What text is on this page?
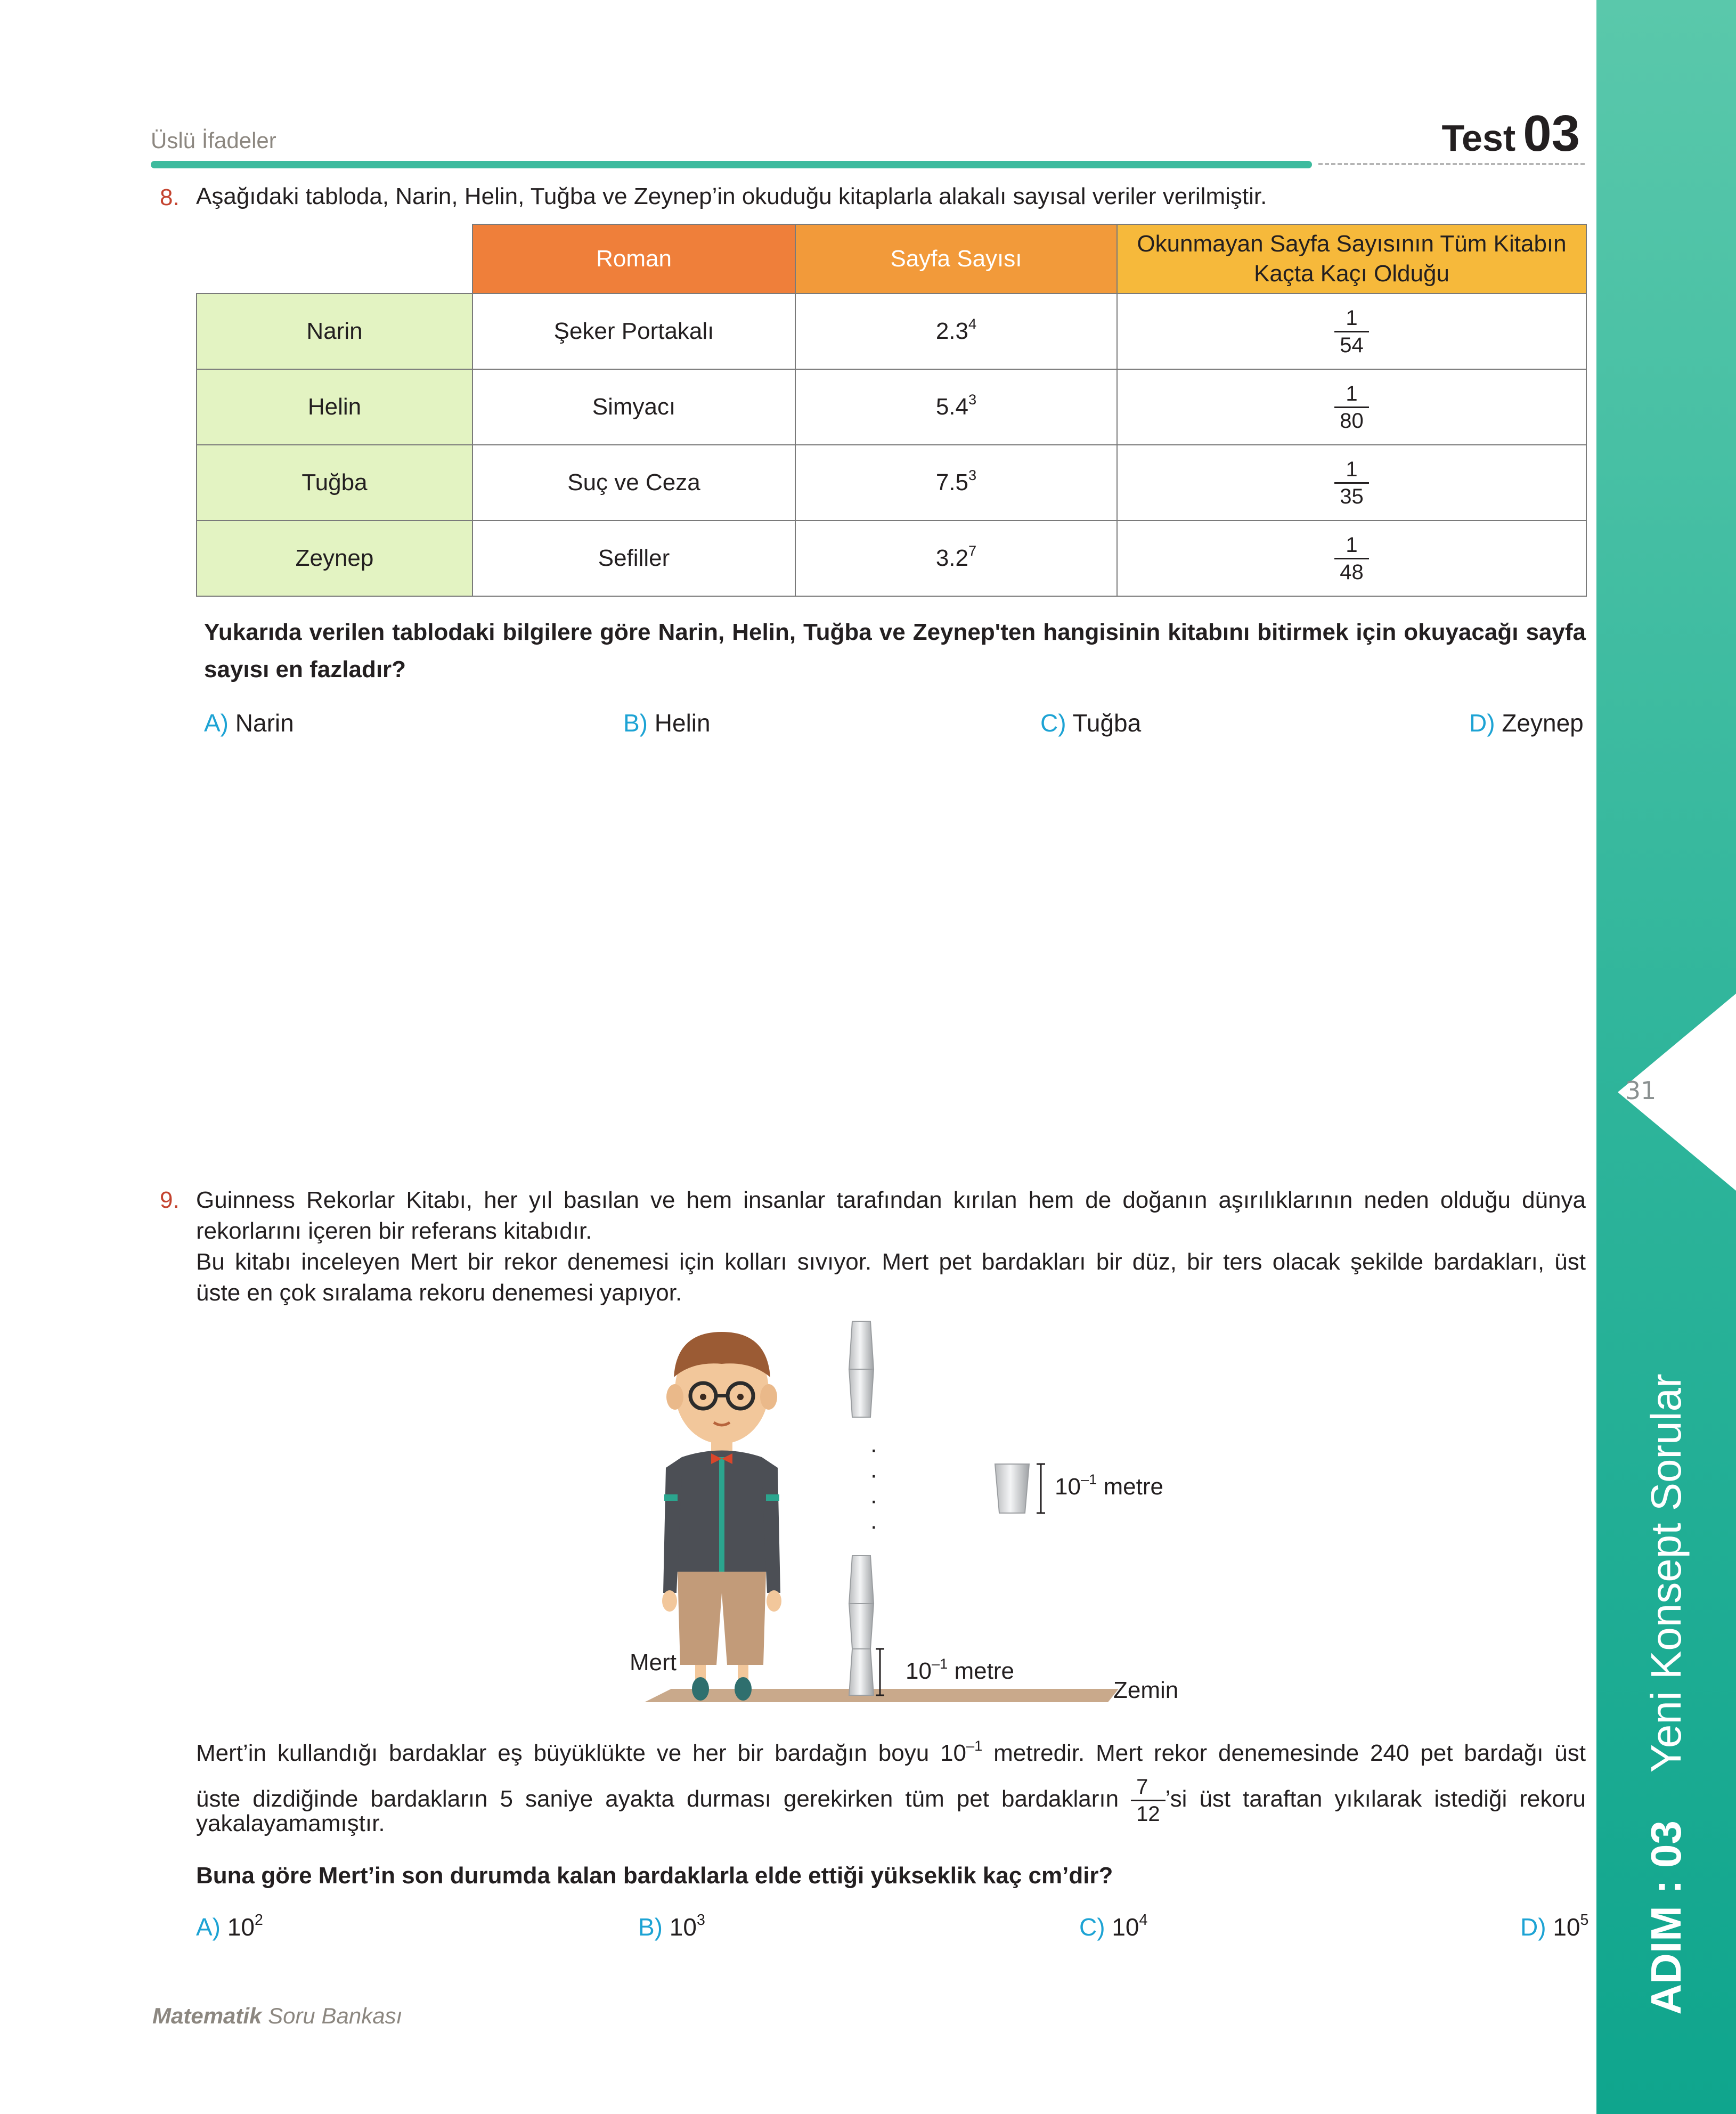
31
ADIM : 03Yeni Konsept Sorular
Üslü İfadeler	Test 03
8. Aşağıdaki tabloda, Narin, Helin, Tuğba ve Zeynep’in okuduğu kitaplarla alakalı sayısal veriler verilmiştir.
	Roman	Sayfa Sayısı	Okunmayan Sayfa Sayısının Tüm Kitabın Kaçta Kaçı Olduğu
Narin	Şeker Portakalı	$2.3^4$	$\frac{1}{54}$

Helin	Simyacı	$5.4^3$	$\frac{1}{80}$

Tuğba	Suç ve Ceza	$7.5^3$	$\frac{1}{35}$

Zeynep	Sefiller	$3.2^7$	$\frac{1}{48}$
Yukarıda verilen tablodaki bilgilere göre Narin, Helin, Tuğba ve Zeynep'ten hangisinin kitabını bitirmek için okuyacağı sayfa
sayısı en fazladır?
A) Narin	B) Helin	C) Tuğba	D) Zeynep
9. Guinness Rekorlar Kitabı, her yıl basılan ve hem insanlar tarafından kırılan hem de doğanın aşırılıklarının neden olduğu dünya
rekorlarını içeren bir referans kitabıdır.
Bu kitabı inceleyen Mert bir rekor denemesi için kolları sıvıyor. Mert pet bardakları bir düz, bir ters olacak şekilde bardakları, üst
üste en çok sıralama rekoru denemesi yapıyor.
·
·
·
·
Mert
Zemin
$10^{-1}$ metre
$10^{-1}$ metre
Mert’in kullandığı bardaklar eş büyüklükte ve her bir bardağın boyu $10^{-1}$ metredir. Mert rekor denemesinde 240 pet bardağı üst
üste dizdiğinde bardakların 5 saniye ayakta durması gerekirken tüm pet bardakların $\frac{7}{12}$ ’si üst taraftan yıkılarak istediği rekoru
yakalayamamıştır.
Buna göre Mert’in son durumda kalan bardaklarla elde ettiği yükseklik kaç cm’dir?
A) $10^2$	B) $10^3$	C) $10^4$	D) $10^5$
Matematik Soru Bankası
